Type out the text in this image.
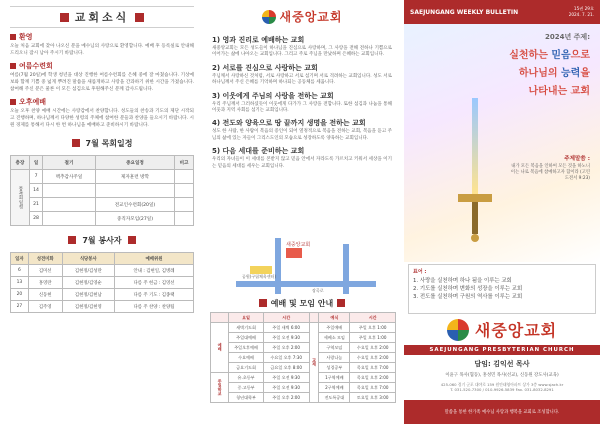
교회소식
환영
오늘 처음 교회에 찾아 나오신 분을 예수님의 사랑으로 환영합니다. 예배 후 등록실로 안내해 드리오니 잠시 남아 주시기 바랍니다.
여름수련회
여름(7월 20일)에 학생 청년을 대상 진행한 여름수련회를 은혜 중에 잘 마쳤습니다. 기상예보와 함께 기쁨 중 넓게 뿌려진 말씀을 새롭게하고 사랑을 간과하기 위한 시간을 가졌습니다. 참여해 주신 분은 물론 이 모든 섬김으로 후원해주신 분께 감사드립니다.
오후예배
오늘 오후 찬양 예배 시간에는 사랑감에서 찬양합니다. 성도들의 찬송과 기도의 제단 시작되고 진행하며, 하나님께서 다양한 성령의 주체에 참여한 분들과 찬양을 들으시기 바랍니다. 시원 경제를 통해서 다시 한 번 하나님을 예배하고 준비하시기 바랍니다.
7월 목회일정
층장	일	절기	중요일정	비고
통목회일정	7	맥추감사주일	제자훈련 방학	
	14			
	21		전교인수련회(20일)	
	28		중직자모임(27일)	
7월 봉사자
일자	성전미화	식당봉사	예배위원
6	김미선	김현정/김성란	안내 : 김현일, 김병례
13	홍영란	김현정/김영순	다름 주 헌금 : 김영선
20	신동현	김현정/김현남	다름 주 기도 : 김종택
27	김주영	김현정/김현영	다름 주 찬양 : 찬양팀
새중앙교회
1) 영과 진리로 예배하는 교회
새중앙교회는 모든 성도들이 하나님을 진심으로 사랑하며, 그 사랑을 전해 전하나 기쁨으로 이어가는 삶에 나아오는 교회입니다. 그리고 주로 주님을 만났하며 은혜하는 교회입니다.
2) 서로를 진심으로 사랑하는 교회
주님께서 사랑하신 것처럼, 서로 사랑하고 서로 섬기며 서로 격려하는 교회입니다. 성도 서로 하나님께서 주신 은혜를 기억하며 하나되는 공동체를 세웁니다.
3) 이웃에게 주님의 사랑을 전하는 교회
우리 주님께서 그러하셨듯이 이웃에게 다가가 그 사랑을 전합니다. 또한 섬김과 나눔을 통해 이웃과 지역 사회를 섬기는 교회입니다.
4) 전도와 양육으로 땅 끝까지 생명을 전하는 교회
성도 한 사람, 한 사람이 복음의 증인이 되어 열정적으로 복음을 전하는 교회, 복음을 듣고 주님의 삶에 있는 자들이 그리스도인의 모습으로 성장하도록 양육하는 교회입니다.
5) 다음 세대를 준비하는 교회
우리의 자녀들이 이 세대를 본받지 않고 믿음 안에서 자라도록 가르치고 키워서 세상을 이기는 믿음의 세대를 세우는 교회입니다.
새중앙교회
공원(구립체육센터)
장곡로
예배 및 모임 안내
	요일	시간		예식	시간
예배	새벽기도회	주일 새벽 6:00	교제	주일예배	주일 오후 1:00
	주일대예배	주일 오전 9:30		세베소 모임	주일 오후 1:00
	주일오후예배	주일 오후 2:00		구역모임	수요일 오후 2:00
	수요예배	수요일 오후 7:30		사랑나눔	수요일 오후 2:00
	금요기도회	금요일 오후 8:00		성경공부	목요일 오후 7:00
주일학교	유.초등부	주일 오전 9:30		1구역예배	목요일 오후 2:00
	중.고등부	주일 오전 9:30		2구역예배	목요일 오후 7:00
	청년대학부	주일 오후 2:00		전도특공대	토요일 오후 3:00
SAEJUNGANG WEEKLY BULLETIN	15권 29호
2024. 7. 21.
2024년 주제:
실천하는 믿음으로
하나님의 능력을
나타내는 교회
주제말씀 :
내가 모든 복음을 인하여 모든 것을 하노니 이는 나로 복음에 참예하고자 함이라 (고린도전서 9:23)
표어 :
1. 사랑을 실천하며 하나 됨을 이루는 교회
2. 기도를 실천하며 변화의 성장을 이루는 교회
3. 전도를 실천하며 구원의 역사를 이루는 교회
새중앙교회
SAEJUNGANG PRESBYTERIAN CHURCH
담임: 김익선 목사
이윤구 목사(협동), 홍성민 목사(선교), 신동원 강도사(교육)
425-060 경기 군포 대야로 159 원안태영아파트 상가 3층 www.sjach.kr
T. 031-520-7300 / 010-9926-5839 Fax. 031-8032-8291
말씀을 통한 한가족 예수님 사랑과 행복을 교회로 조성합니다.
